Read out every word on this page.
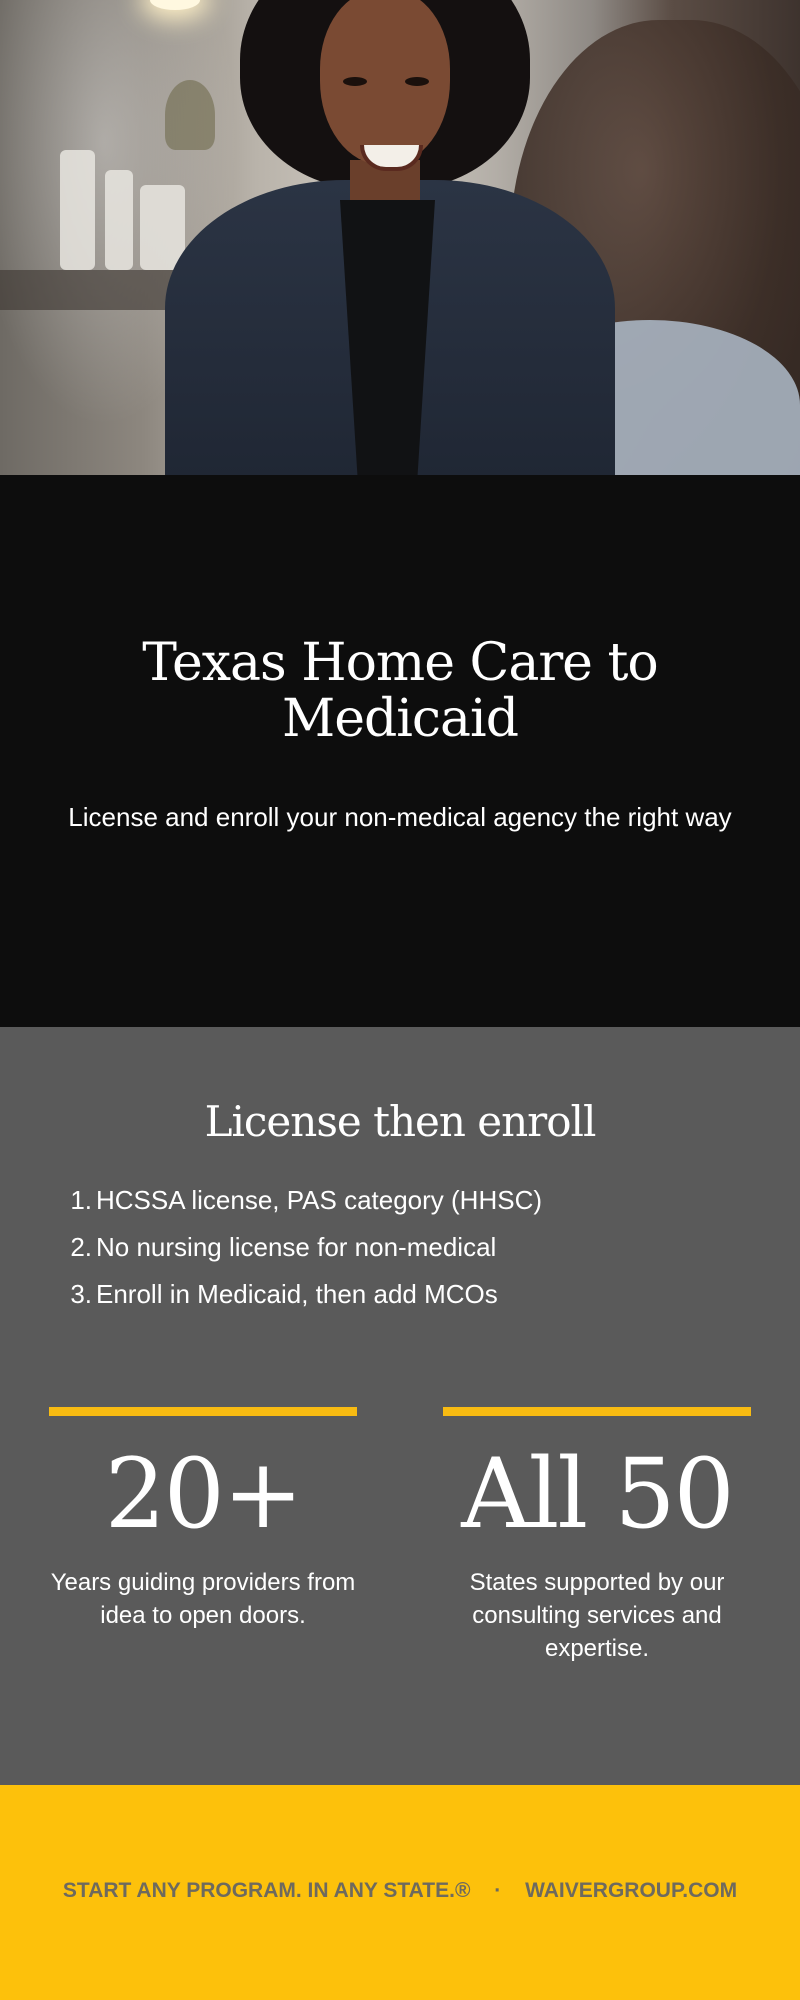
Texas Home Care to Medicaid

License and enroll your non-medical agency the right way

License then enroll
1. HCSSA license, PAS category (HHSC)
2. No nursing license for non-medical
3. Enroll in Medicaid, then add MCOs
20+
Years guiding providers from idea to open doors.
All 50
States supported by our consulting services and expertise.
START ANY PROGRAM. IN ANY STATE.® · WAIVERGROUP.COM
